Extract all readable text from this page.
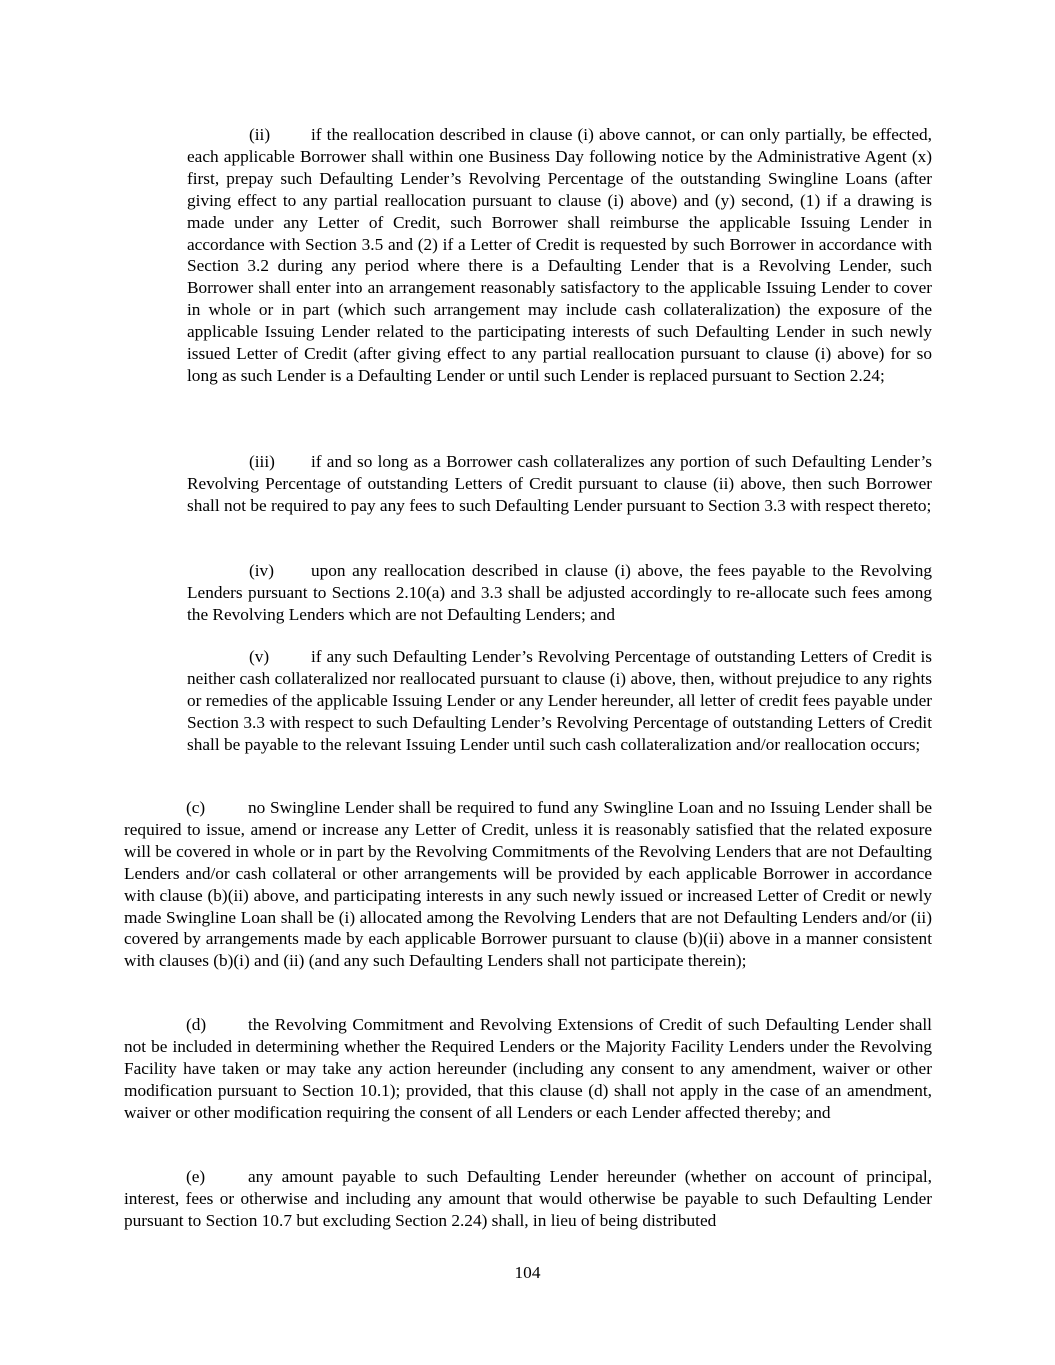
(ii) if the reallocation described in clause (i) above cannot, or can only partially, be effected, each applicable Borrower shall within one Business Day following notice by the Administrative Agent (x) first, prepay such Defaulting Lender’s Revolving Percentage of the outstanding Swingline Loans (after giving effect to any partial reallocation pursuant to clause (i) above) and (y) second, (1) if a drawing is made under any Letter of Credit, such Borrower shall reimburse the applicable Issuing Lender in accordance with Section 3.5 and (2) if a Letter of Credit is requested by such Borrower in accordance with Section 3.2 during any period where there is a Defaulting Lender that is a Revolving Lender, such Borrower shall enter into an arrangement reasonably satisfactory to the applicable Issuing Lender to cover in whole or in part (which such arrangement may include cash collateralization) the exposure of the applicable Issuing Lender related to the participating interests of such Defaulting Lender in such newly issued Letter of Credit (after giving effect to any partial reallocation pursuant to clause (i) above) for so long as such Lender is a Defaulting Lender or until such Lender is replaced pursuant to Section 2.24;

(iii) if and so long as a Borrower cash collateralizes any portion of such Defaulting Lender’s Revolving Percentage of outstanding Letters of Credit pursuant to clause (ii) above, then such Borrower shall not be required to pay any fees to such Defaulting Lender pursuant to Section 3.3 with respect thereto;

(iv) upon any reallocation described in clause (i) above, the fees payable to the Revolving Lenders pursuant to Sections 2.10(a) and 3.3 shall be adjusted accordingly to re-allocate such fees among the Revolving Lenders which are not Defaulting Lenders; and

(v) if any such Defaulting Lender’s Revolving Percentage of outstanding Letters of Credit is neither cash collateralized nor reallocated pursuant to clause (i) above, then, without prejudice to any rights or remedies of the applicable Issuing Lender or any Lender hereunder, all letter of credit fees payable under Section 3.3 with respect to such Defaulting Lender’s Revolving Percentage of outstanding Letters of Credit shall be payable to the relevant Issuing Lender until such cash collateralization and/or reallocation occurs;

(c) no Swingline Lender shall be required to fund any Swingline Loan and no Issuing Lender shall be required to issue, amend or increase any Letter of Credit, unless it is reasonably satisfied that the related exposure will be covered in whole or in part by the Revolving Commitments of the Revolving Lenders that are not Defaulting Lenders and/or cash collateral or other arrangements will be provided by each applicable Borrower in accordance with clause (b)(ii) above, and participating interests in any such newly issued or increased Letter of Credit or newly made Swingline Loan shall be (i) allocated among the Revolving Lenders that are not Defaulting Lenders and/or (ii) covered by arrangements made by each applicable Borrower pursuant to clause (b)(ii) above in a manner consistent with clauses (b)(i) and (ii) (and any such Defaulting Lenders shall not participate therein);

(d) the Revolving Commitment and Revolving Extensions of Credit of such Defaulting Lender shall not be included in determining whether the Required Lenders or the Majority Facility Lenders under the Revolving Facility have taken or may take any action hereunder (including any consent to any amendment, waiver or other modification pursuant to Section 10.1); provided, that this clause (d) shall not apply in the case of an amendment, waiver or other modification requiring the consent of all Lenders or each Lender affected thereby; and

(e) any amount payable to such Defaulting Lender hereunder (whether on account of principal, interest, fees or otherwise and including any amount that would otherwise be payable to such Defaulting Lender pursuant to Section 10.7 but excluding Section 2.24) shall, in lieu of being distributed

104
